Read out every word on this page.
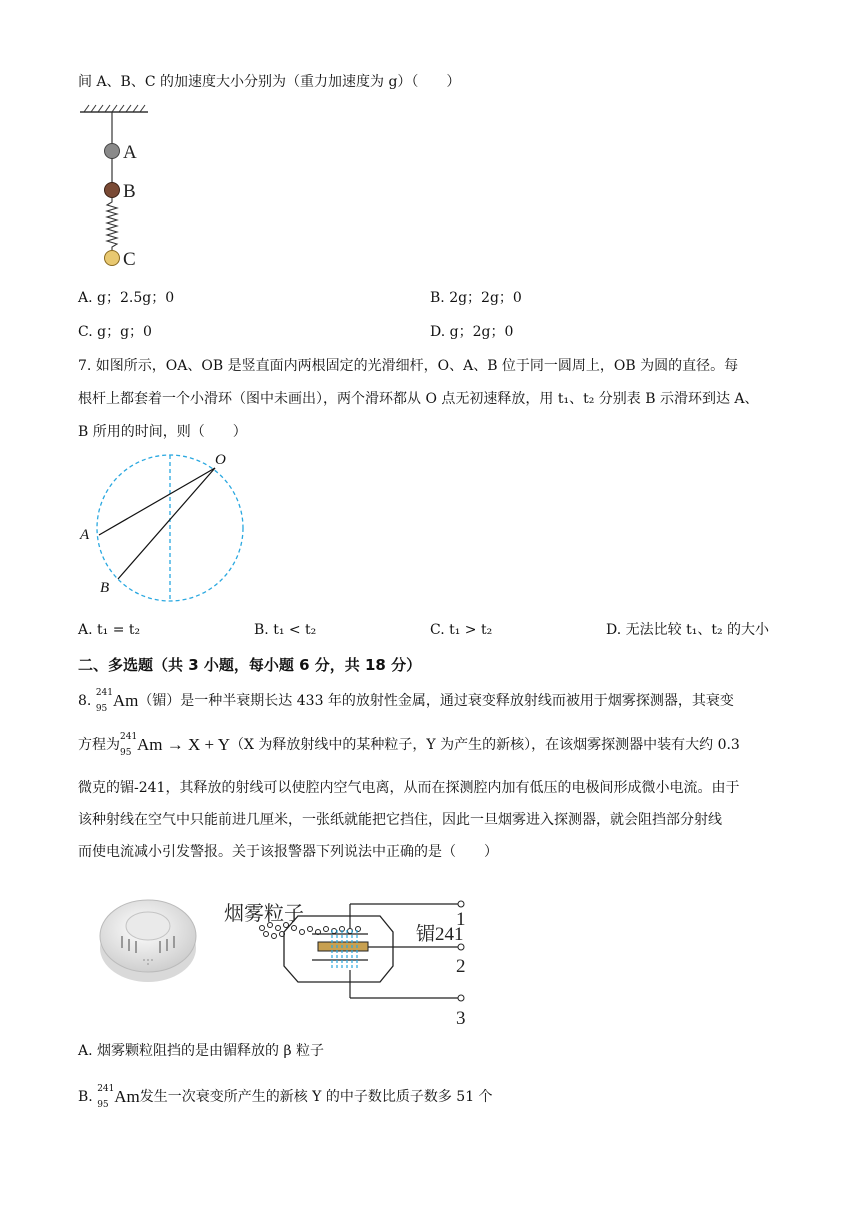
间 A、B、C 的加速度大小分别为（重力加速度为 g）（　　）
A
B
C
A. g；2.5g；0	B. 2g；2g；0
C. g；g；0	D. g；2g；0
7. 如图所示，OA、OB 是竖直面内两根固定的光滑细杆，O、A、B 位于同一圆周上，OB 为圆的直径。每
根杆上都套着一个小滑环（图中未画出），两个滑环都从 O 点无初速释放，用 t₁、t₂ 分别表 B 示滑环到达 A、
B 所用的时间，则（　　）
O
A
B
A. t₁ = t₂	B. t₁ < t₂	C. t₁ > t₂	D. 无法比较 t₁、t₂ 的大小
二、多选题（共 3 小题，每小题 6 分，共 18 分）
8. 241
95 Am（镅）是一种半衰期长达 433 年的放射性金属，通过衰变释放射线而被用于烟雾探测器，其衰变
方程为 241
95 Am → X + Y（X 为释放射线中的某种粒子，Y 为产生的新核），在该烟雾探测器中装有大约 0.3
微克的镅-241，其释放的射线可以使腔内空气电离，从而在探测腔内加有低压的电极间形成微小电流。由于
该种射线在空气中只能前进几厘米，一张纸就能把它挡住，因此一旦烟雾进入探测器，就会阻挡部分射线
而使电流减小引发警报。关于该报警器下列说法中正确的是（　　）
烟雾粒子
镅241
1
2
3
A. 烟雾颗粒阻挡的是由镅释放的 β 粒子
B. 241
95 Am发生一次衰变所产生的新核 Y 的中子数比质子数多 51 个
